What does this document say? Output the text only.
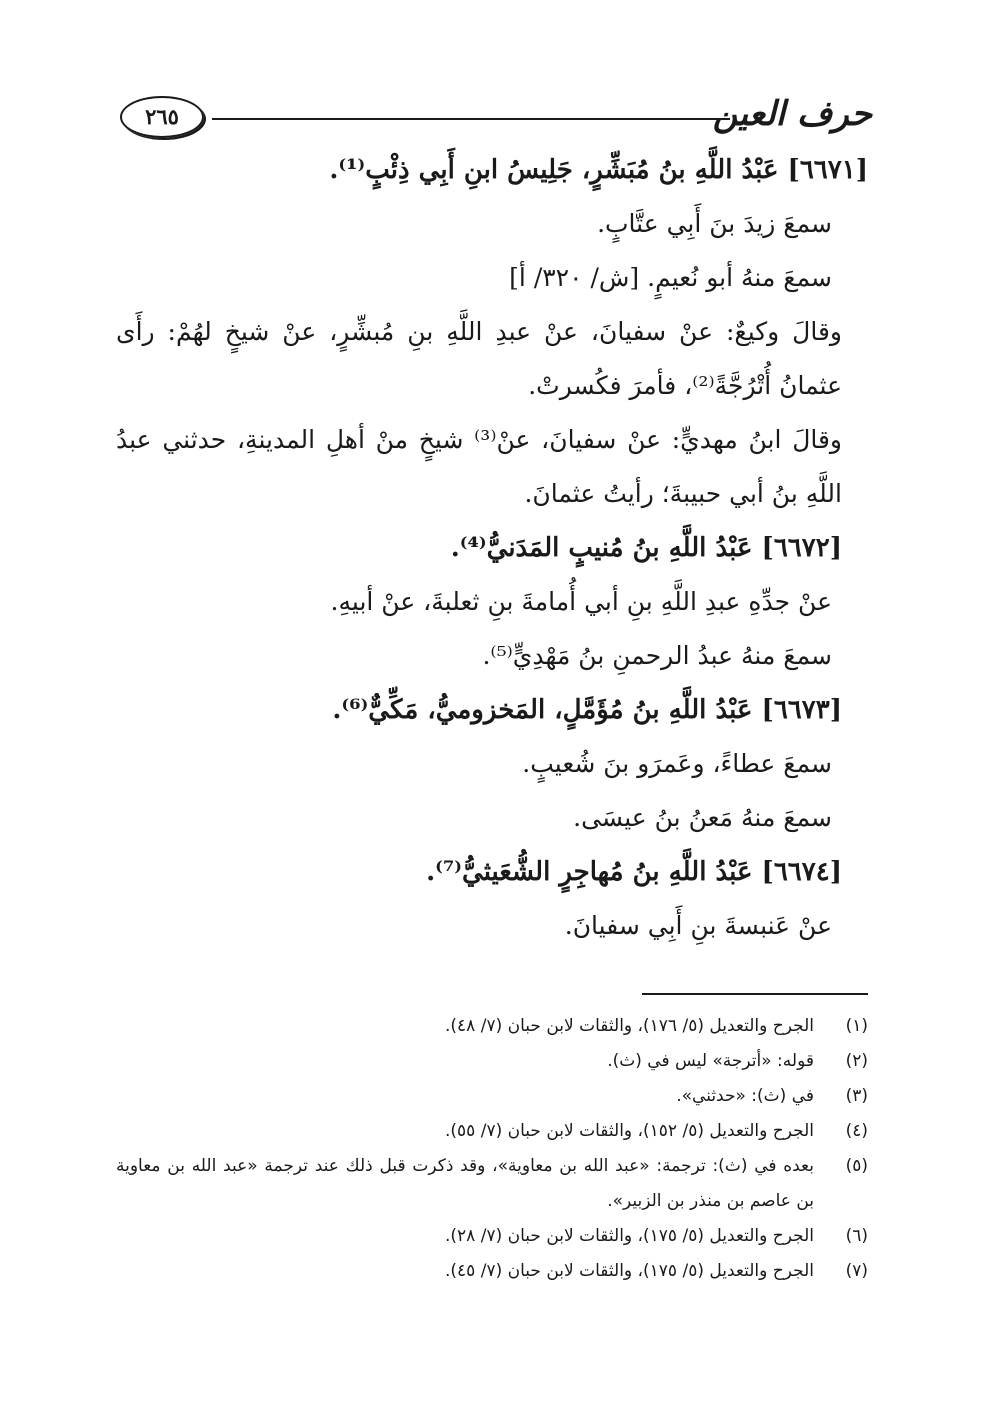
حرف العين
٢٦٥

[٦٦٧١] عَبْدُ اللَّهِ بنُ مُبَشِّرٍ، جَلِيسُ ابنِ أَبِي ذِئْبٍ⁽¹⁾.

سمعَ زيدَ بنَ أَبِي عتَّابٍ.

سمعَ منهُ أبو نُعيمٍ. [ش/ ٣٢٠/ أ]

وقالَ وكيعٌ: عنْ سفيانَ، عنْ عبدِ اللَّهِ بنِ مُبشِّرٍ، عنْ شيخٍ لهُمْ: رأَى عثمانُ أُتْرُجَّةً⁽²⁾، فأمرَ فكُسرتْ.

وقالَ ابنُ مهديٍّ: عنْ سفيانَ، عنْ⁽³⁾ شيخٍ منْ أهلِ المدينةِ، حدثني عبدُ اللَّهِ بنُ أبي حبيبةَ؛ رأيتُ عثمانَ.

[٦٦٧٢] عَبْدُ اللَّهِ بنُ مُنيبٍ المَدَنيُّ⁽⁴⁾.

عنْ جدِّهِ عبدِ اللَّهِ بنِ أبي أُمامةَ بنِ ثعلبةَ، عنْ أبيهِ.

سمعَ منهُ عبدُ الرحمنِ بنُ مَهْدِيٍّ⁽⁵⁾.

[٦٦٧٣] عَبْدُ اللَّهِ بنُ مُؤَمَّلٍ، المَخزوميُّ، مَكِّيٌّ⁽⁶⁾.

سمعَ عطاءً، وعَمرَو بنَ شُعيبٍ.

سمعَ منهُ مَعنُ بنُ عيسَى.

[٦٦٧٤] عَبْدُ اللَّهِ بنُ مُهاجِرٍ الشُّعَيثيُّ⁽⁷⁾.

عنْ عَنبسةَ بنِ أَبِي سفيانَ.

(١)
الجرح والتعديل (٥/ ١٧٦)، والثقات لابن حبان (٧/ ٤٨).
(٢)
قوله: «أترجة» ليس في (ث).
(٣)
في (ث): «حدثني».
(٤)
الجرح والتعديل (٥/ ١٥٢)، والثقات لابن حبان (٧/ ٥٥).
(٥)
بعده في (ث): ترجمة: «عبد الله بن معاوية»، وقد ذكرت قبل ذلك عند ترجمة «عبد الله بن معاوية بن عاصم بن منذر بن الزبير».
(٦)
الجرح والتعديل (٥/ ١٧٥)، والثقات لابن حبان (٧/ ٢٨).
(٧)
الجرح والتعديل (٥/ ١٧٥)، والثقات لابن حبان (٧/ ٤٥).
